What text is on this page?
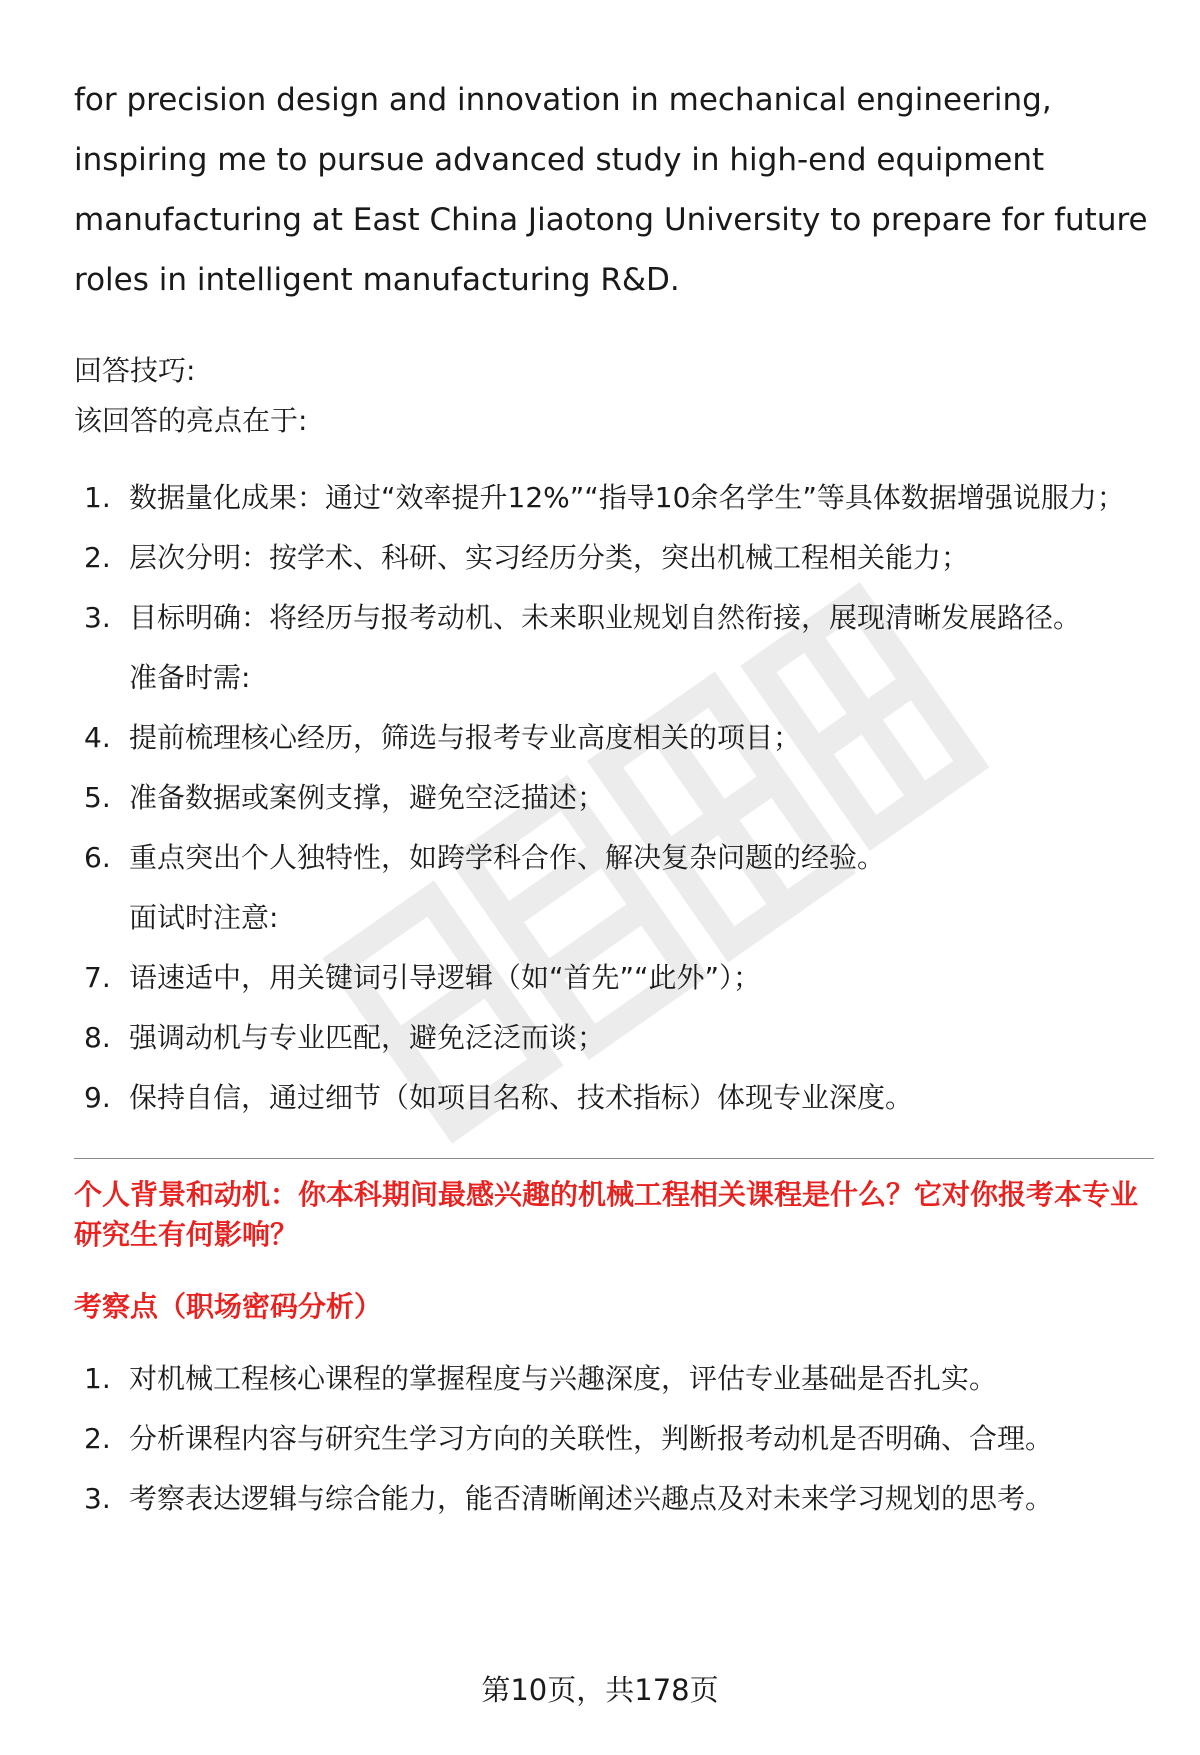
for precision design and innovation in mechanical engineering, inspiring me to pursue advanced study in high-end equipment manufacturing at East China Jiaotong University to prepare for future roles in intelligent manufacturing R&D.

回答技巧:

该回答的亮点在于:

1. 数据量化成果：通过“效率提升12%”“指导10余名学生”等具体数据增强说服力；
2. 层次分明：按学术、科研、实习经历分类，突出机械工程相关能力；
3. 目标明确：将经历与报考动机、未来职业规划自然衔接，展现清晰发展路径。
准备时需:
4. 提前梳理核心经历，筛选与报考专业高度相关的项目；
5. 准备数据或案例支撑，避免空泛描述；
6. 重点突出个人独特性，如跨学科合作、解决复杂问题的经验。
面试时注意:
7. 语速适中，用关键词引导逻辑（如“首先”“此外”）；
8. 强调动机与专业匹配，避免泛泛而谈；
9. 保持自信，通过细节（如项目名称、技术指标）体现专业深度。

个人背景和动机：你本科期间最感兴趣的机械工程相关课程是什么？它对你报考本专业研究生有何影响？

考察点（职场密码分析）

1. 对机械工程核心课程的掌握程度与兴趣深度，评估专业基础是否扎实。
2. 分析课程内容与研究生学习方向的关联性，判断报考动机是否明确、合理。
3. 考察表达逻辑与综合能力，能否清晰阐述兴趣点及对未来学习规划的思考。
第10页，共178页
